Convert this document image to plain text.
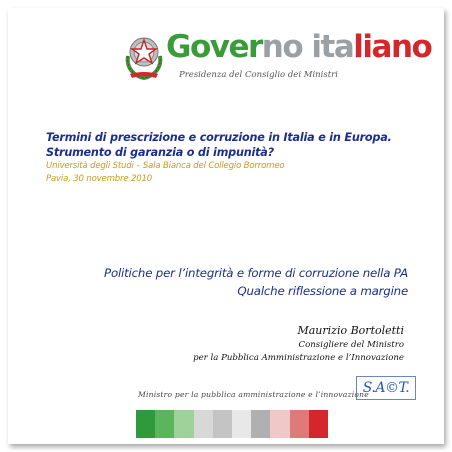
Governo italiano
Presidenza del Consiglio dei Ministri
Termini di prescrizione e corruzione in Italia e in Europa.
Strumento di garanzia o di impunità?
Università degli Studi – Sala Bianca del Collegio Borromeo
Pavia, 30 novembre 2010
Politiche per l’integrità e forme di corruzione nella PA
Qualche riflessione a margine
Maurizio Bortoletti
Consigliere del Ministro
per la Pubblica Amministrazione e l’Innovazione
S.A©T.
Ministro per la pubblica amministrazione e l’innovazione
